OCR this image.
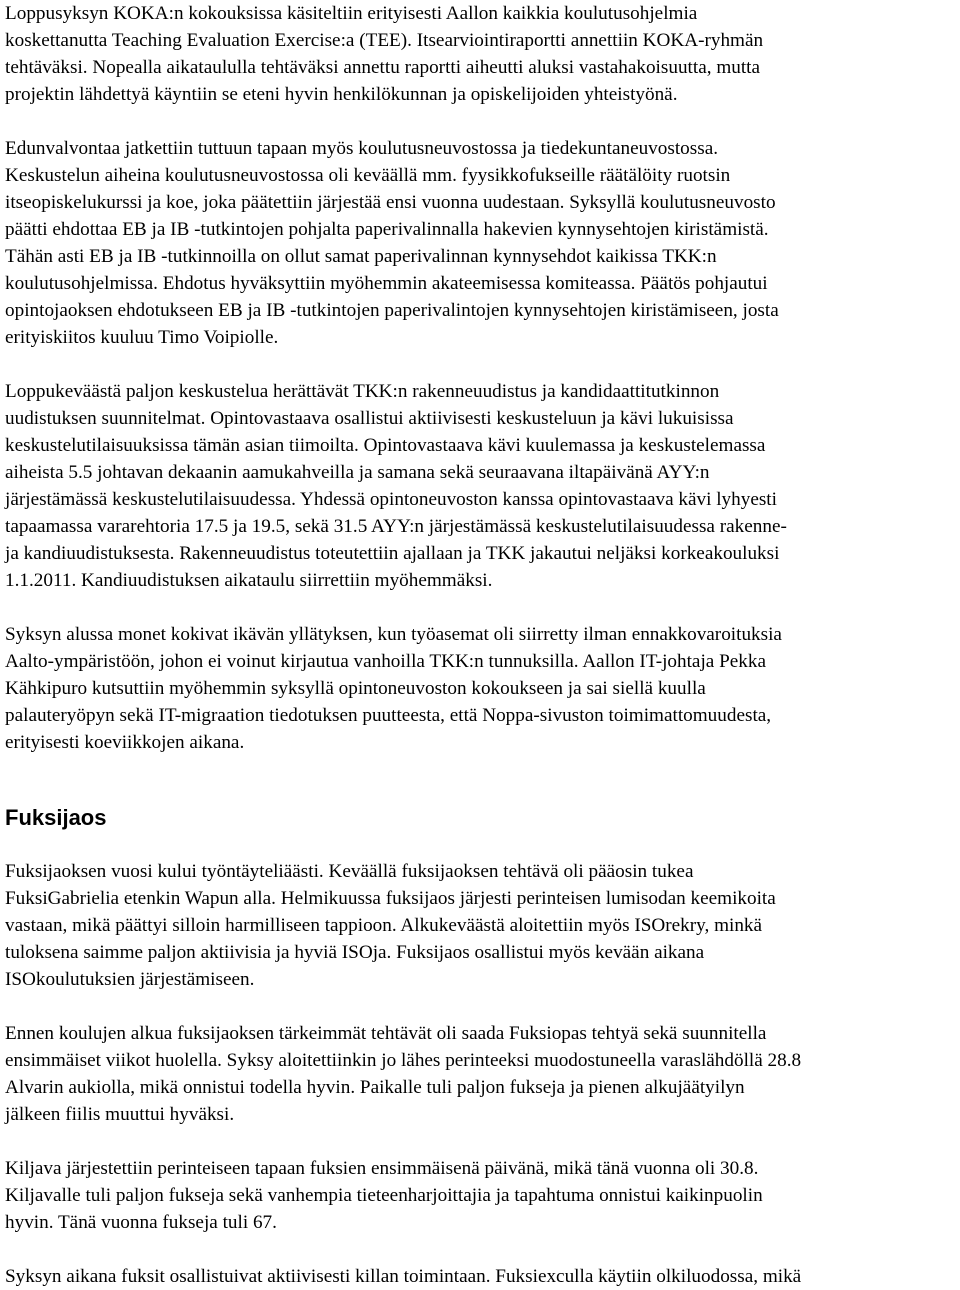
Loppusyksyn KOKA:n kokouksissa käsiteltiin erityisesti Aallon kaikkia koulutusohjelmia
koskettanutta Teaching Evaluation Exercise:a (TEE). Itsearviointiraportti annettiin KOKA-ryhmän
tehtäväksi. Nopealla aikataululla tehtäväksi annettu raportti aiheutti aluksi vastahakoisuutta, mutta
projektin lähdettyä käyntiin se eteni hyvin henkilökunnan ja opiskelijoiden yhteistyönä.

Edunvalvontaa jatkettiin tuttuun tapaan myös koulutusneuvostossa ja tiedekuntaneuvostossa.
Keskustelun aiheina koulutusneuvostossa oli keväällä mm. fyysikkofukseille räätälöity ruotsin
itseopiskelukurssi ja koe, joka päätettiin järjestää ensi vuonna uudestaan. Syksyllä koulutusneuvosto
päätti ehdottaa EB ja IB -tutkintojen pohjalta paperivalinnalla hakevien kynnysehtojen kiristämistä.
Tähän asti EB ja IB -tutkinnoilla on ollut samat paperivalinnan kynnysehdot kaikissa TKK:n
koulutusohjelmissa. Ehdotus hyväksyttiin myöhemmin akateemisessa komiteassa. Päätös pohjautui
opintojaoksen ehdotukseen EB ja IB -tutkintojen paperivalintojen kynnysehtojen kiristämiseen, josta
erityiskiitos kuuluu Timo Voipiolle.

Loppukeväästä paljon keskustelua herättävät TKK:n rakenneuudistus ja kandidaattitutkinnon
uudistuksen suunnitelmat. Opintovastaava osallistui aktiivisesti keskusteluun ja kävi lukuisissa
keskustelutilaisuuksissa tämän asian tiimoilta. Opintovastaava kävi kuulemassa ja keskustelemassa
aiheista 5.5 johtavan dekaanin aamukahveilla ja samana sekä seuraavana iltapäivänä AYY:n
järjestämässä keskustelutilaisuudessa. Yhdessä opintoneuvoston kanssa opintovastaava kävi lyhyesti
tapaamassa vararehtoria 17.5 ja 19.5, sekä 31.5 AYY:n järjestämässä keskustelutilaisuudessa rakenne-
ja kandiuudistuksesta. Rakenneuudistus toteutettiin ajallaan ja TKK jakautui neljäksi korkeakouluksi
1.1.2011. Kandiuudistuksen aikataulu siirrettiin myöhemmäksi.

Syksyn alussa monet kokivat ikävän yllätyksen, kun työasemat oli siirretty ilman ennakkovaroituksia
Aalto-ympäristöön, johon ei voinut kirjautua vanhoilla TKK:n tunnuksilla. Aallon IT-johtaja Pekka
Kähkipuro kutsuttiin myöhemmin syksyllä opintoneuvoston kokoukseen ja sai siellä kuulla
palauteryöpyn sekä IT-migraation tiedotuksen puutteesta, että Noppa-sivuston toimimattomuudesta,
erityisesti koeviikkojen aikana.

Fuksijaos

Fuksijaoksen vuosi kului työntäyteliäästi. Keväällä fuksijaoksen tehtävä oli pääosin tukea
FuksiGabrielia etenkin Wapun alla. Helmikuussa fuksijaos järjesti perinteisen lumisodan keemikoita
vastaan, mikä päättyi silloin harmilliseen tappioon. Alkukeväästä aloitettiin myös ISOrekry, minkä
tuloksena saimme paljon aktiivisia ja hyviä ISOja. Fuksijaos osallistui myös kevään aikana
ISOkoulutuksien järjestämiseen.

Ennen koulujen alkua fuksijaoksen tärkeimmät tehtävät oli saada Fuksiopas tehtyä sekä suunnitella
ensimmäiset viikot huolella. Syksy aloitettiinkin jo lähes perinteeksi muodostuneella varaslähdöllä 28.8
Alvarin aukiolla, mikä onnistui todella hyvin. Paikalle tuli paljon fukseja ja pienen alkujäätyilyn
jälkeen fiilis muuttui hyväksi.

Kiljava järjestettiin perinteiseen tapaan fuksien ensimmäisenä päivänä, mikä tänä vuonna oli 30.8.
Kiljavalle tuli paljon fukseja sekä vanhempia tieteenharjoittajia ja tapahtuma onnistui kaikinpuolin
hyvin. Tänä vuonna fukseja tuli 67.

Syksyn aikana fuksit osallistuivat aktiivisesti killan toimintaan. Fuksiexculla käytiin olkiluodossa, mikä
